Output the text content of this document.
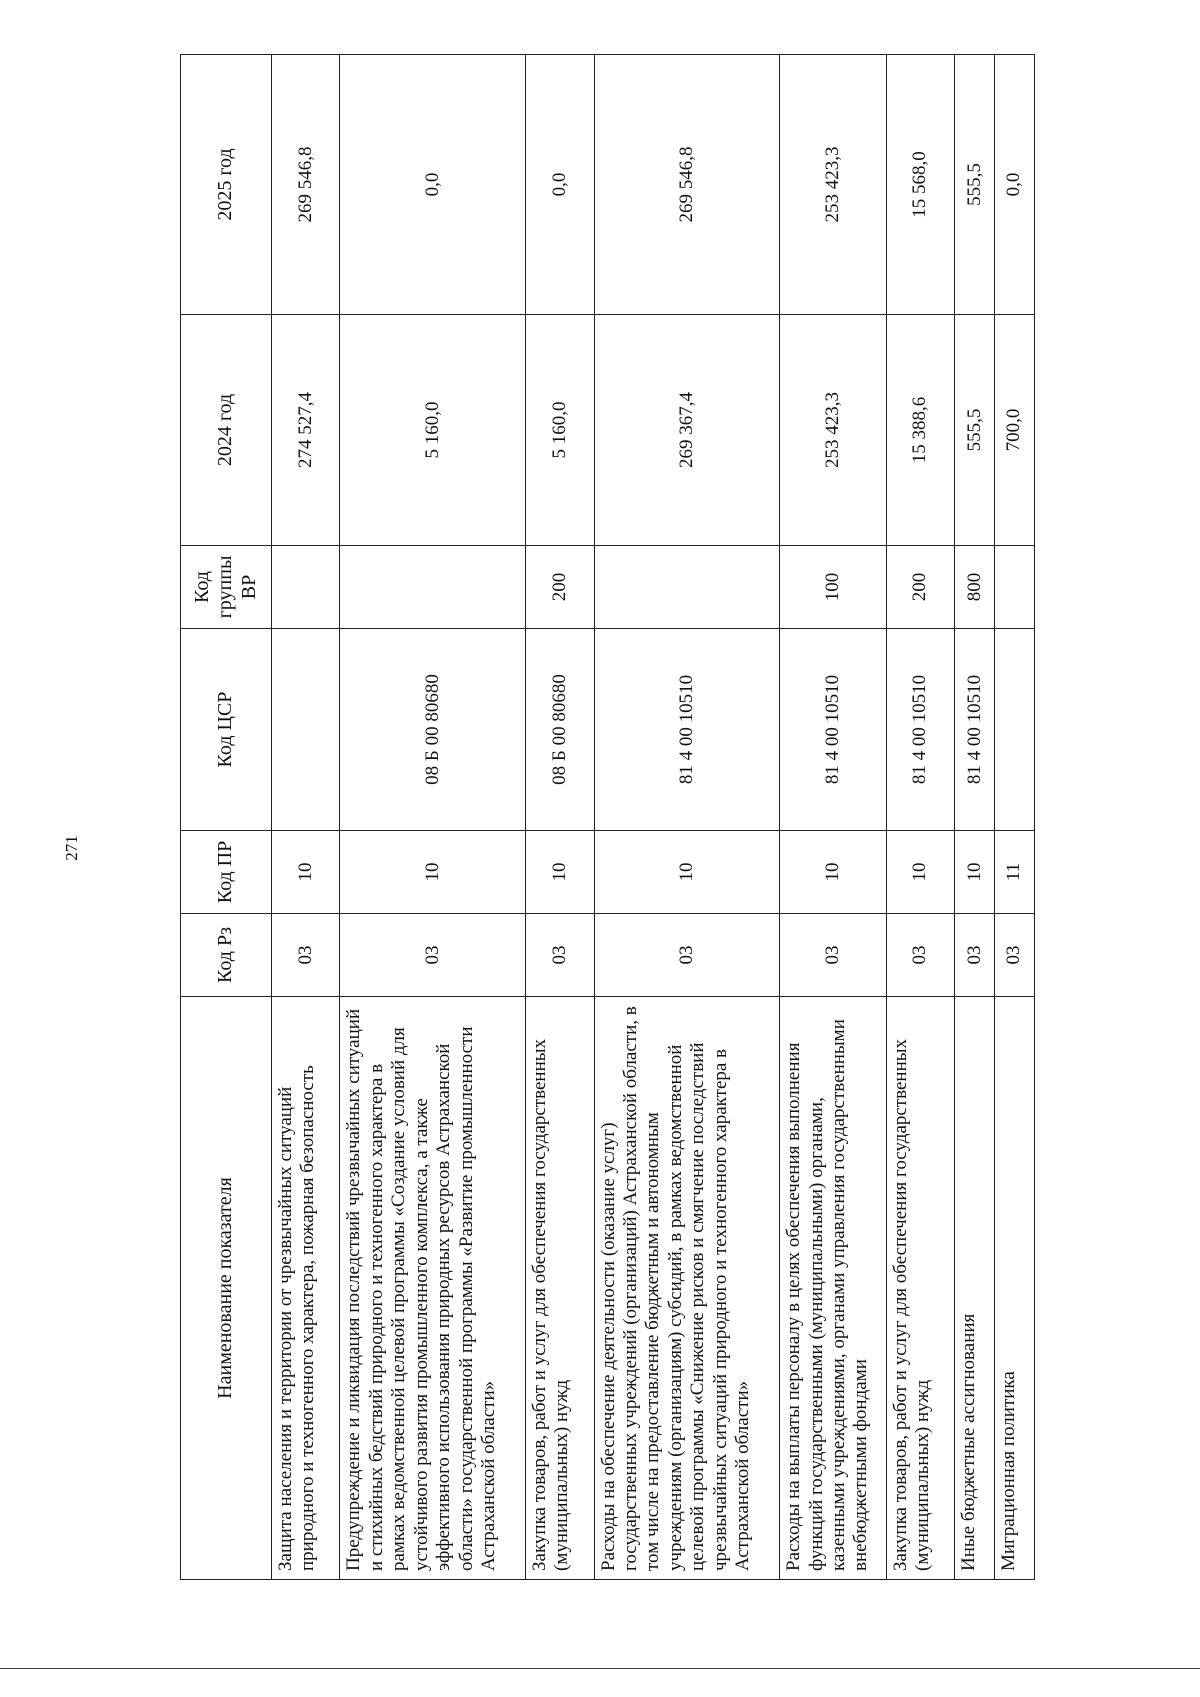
271
Наименование показателя	Код Рз	Код ПР	Код ЦСР	Код группы ВР	2024 год	2025 год
Защита населения и территории от чрезвычайных ситуаций природного и техногенного характера, пожарная безопасность	03	10			274 527,4	269 546,8
Предупреждение и ликвидация последствий чрезвычайных ситуаций и стихийных бедствий природного и техногенного характера в рамках ведомственной целевой программы «Создание условий для устойчивого развития промышленного комплекса, а также эффективного использования природных ресурсов Астраханской области» государственной программы «Развитие промышленности Астраханской области»	03	10	08 Б 00 80680		5 160,0	0,0
Закупка товаров, работ и услуг для обеспечения государственных (муниципальных) нужд	03	10	08 Б 00 80680	200	5 160,0	0,0
Расходы на обеспечение деятельности (оказание услуг) государственных учреждений (организаций) Астраханской области, в том числе на предоставление бюджетным и автономным учреждениям (организациям) субсидий, в рамках ведомственной целевой программы «Снижение рисков и смягчение последствий чрезвычайных ситуаций природного и техногенного характера в Астраханской области»	03	10	81 4 00 10510		269 367,4	269 546,8
Расходы на выплаты персоналу в целях обеспечения выполнения функций государственными (муниципальными) органами, казенными учреждениями, органами управления государственными внебюджетными фондами	03	10	81 4 00 10510	100	253 423,3	253 423,3
Закупка товаров, работ и услуг для обеспечения государственных (муниципальных) нужд	03	10	81 4 00 10510	200	15 388,6	15 568,0
Иные бюджетные ассигнования	03	10	81 4 00 10510	800	555,5	555,5
Миграционная политика	03	11			700,0	0,0
